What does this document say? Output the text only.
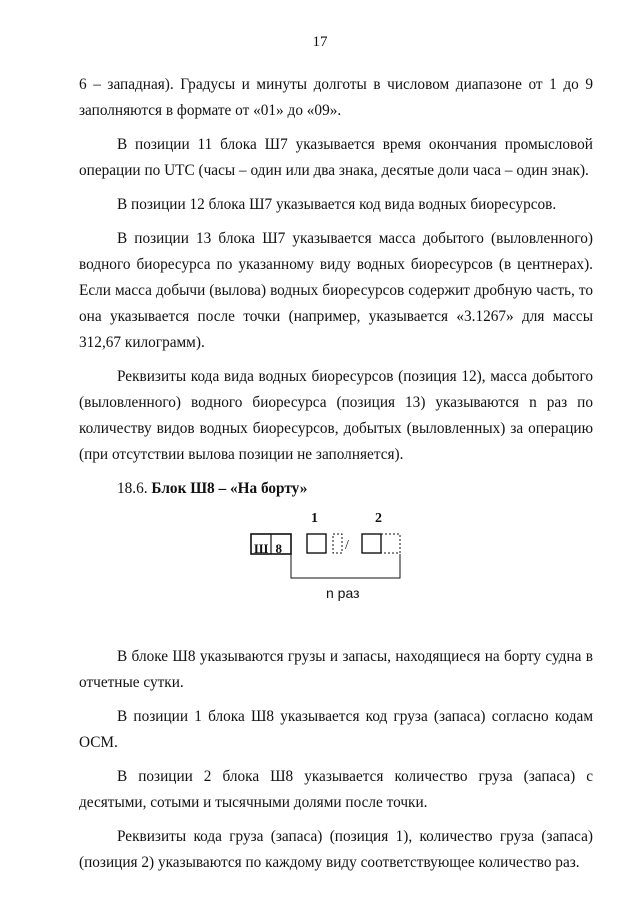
17

6 – западная). Градусы и минуты долготы в числовом диапазоне от 1 до 9 заполняются в формате от «01» до «09».

В позиции 11 блока Ш7 указывается время окончания промысловой операции по UTC (часы – один или два знака, десятые доли часа – один знак).

В позиции 12 блока Ш7 указывается код вида водных биоресурсов.

В позиции 13 блока Ш7 указывается масса добытого (выловленного) водного биоресурса по указанному виду водных биоресурсов (в центнерах). Если масса добычи (вылова) водных биоресурсов содержит дробную часть, то она указывается после точки (например, указывается «3.1267» для массы 312,67 килограмм).

Реквизиты кода вида водных биоресурсов (позиция 12), масса добытого (выловленного) водного биоресурса (позиция 13) указываются n раз по количеству видов водных биоресурсов, добытых (выловленных) за операцию (при отсутствии вылова позиции не заполняется).

18.6. Блок Ш8 – «На борту»
1	2
Ш 8	/
n раз

В блоке Ш8 указываются грузы и запасы, находящиеся на борту судна в отчетные сутки.

В позиции 1 блока Ш8 указывается код груза (запаса) согласно кодам ОСМ.

В позиции 2 блока Ш8 указывается количество груза (запаса) с десятыми, сотыми и тысячными долями после точки.

Реквизиты кода груза (запаса) (позиция 1), количество груза (запаса) (позиция 2) указываются по каждому виду соответствующее количество раз.
